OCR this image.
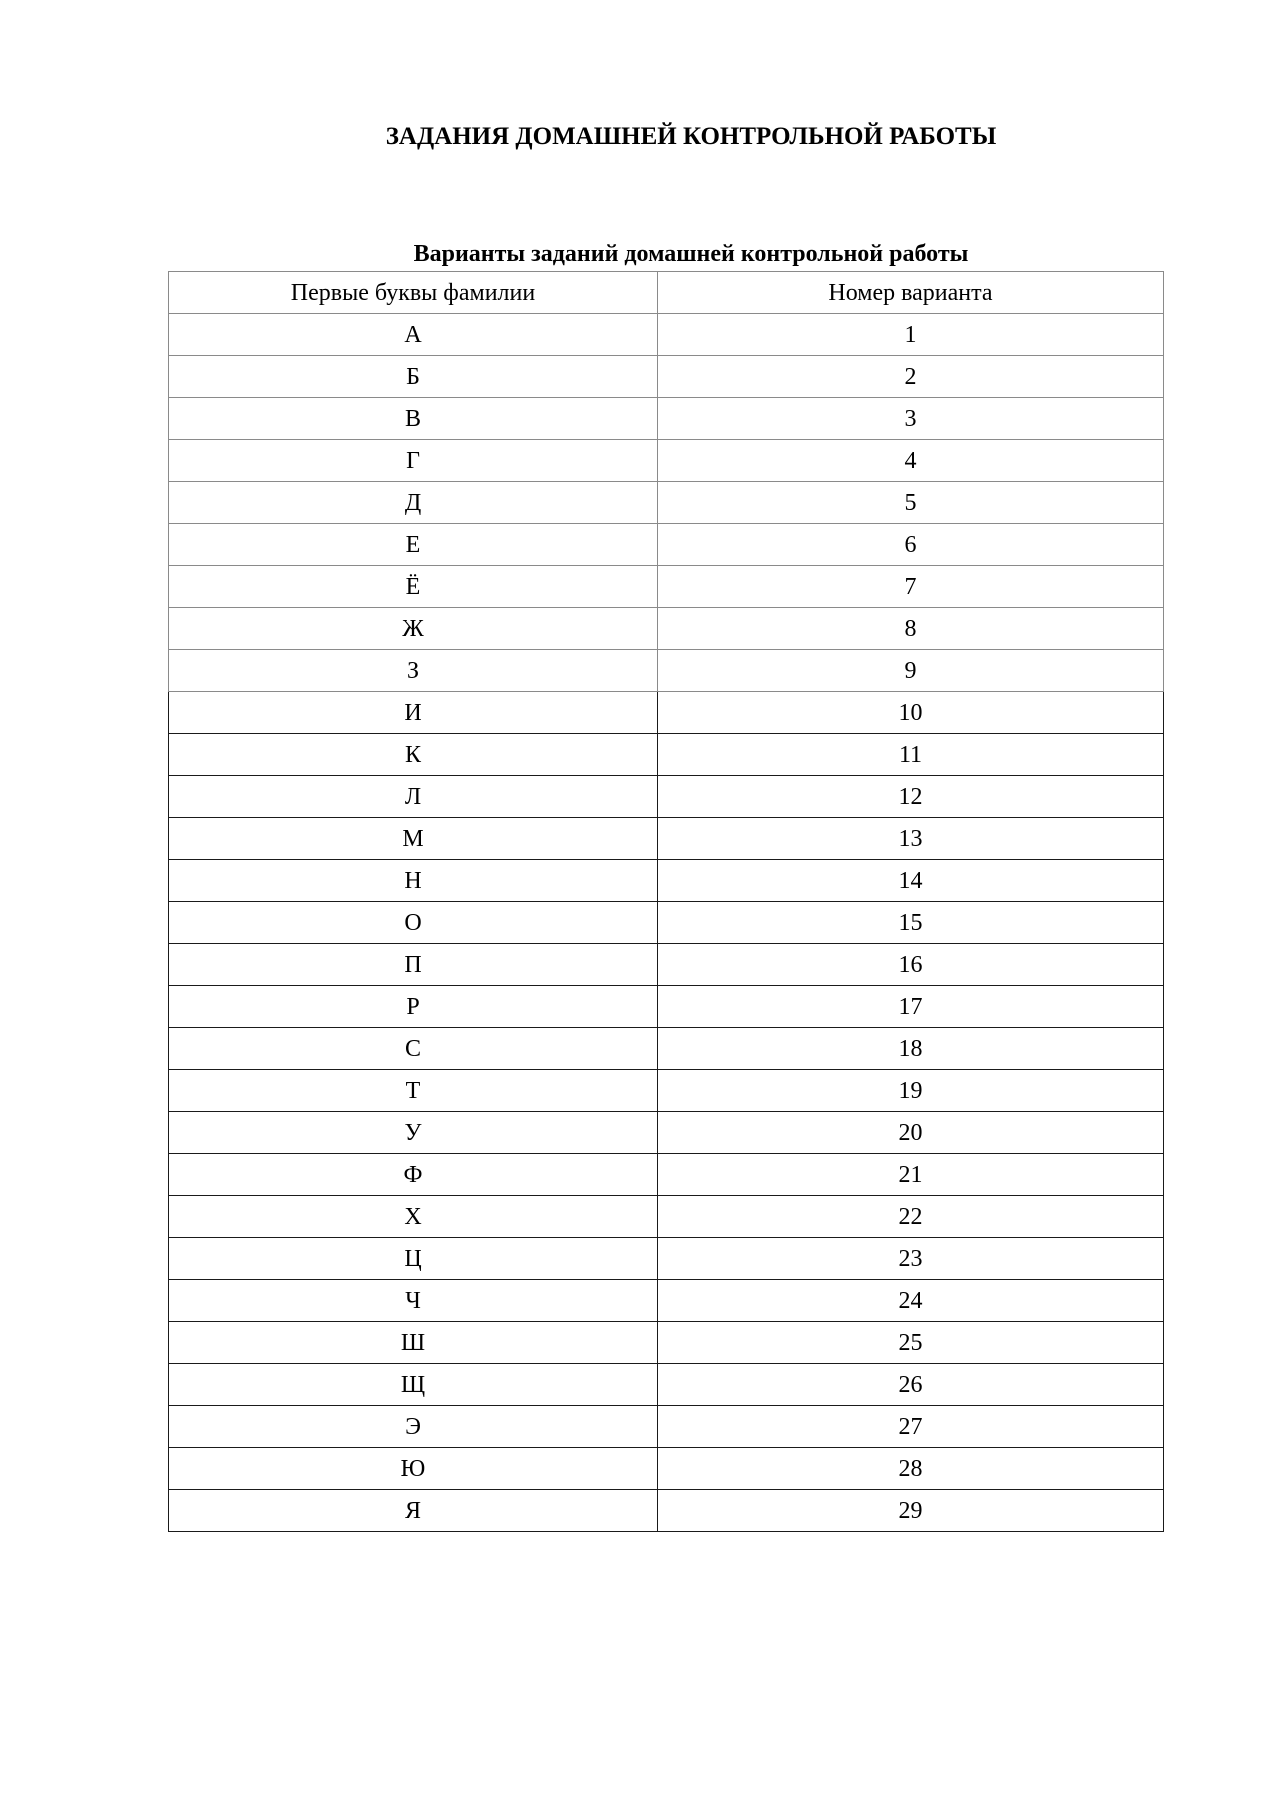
ЗАДАНИЯ ДОМАШНЕЙ КОНТРОЛЬНОЙ РАБОТЫ

Варианты заданий домашней контрольной работы

Первые буквы фамилии	Номер варианта
А	1
Б	2
В	3
Г	4
Д	5
Е	6
Ё	7
Ж	8
З	9
И	10
К	11
Л	12
М	13
Н	14
О	15
П	16
Р	17
С	18
Т	19
У	20
Ф	21
Х	22
Ц	23
Ч	24
Ш	25
Щ	26
Э	27
Ю	28
Я	29
